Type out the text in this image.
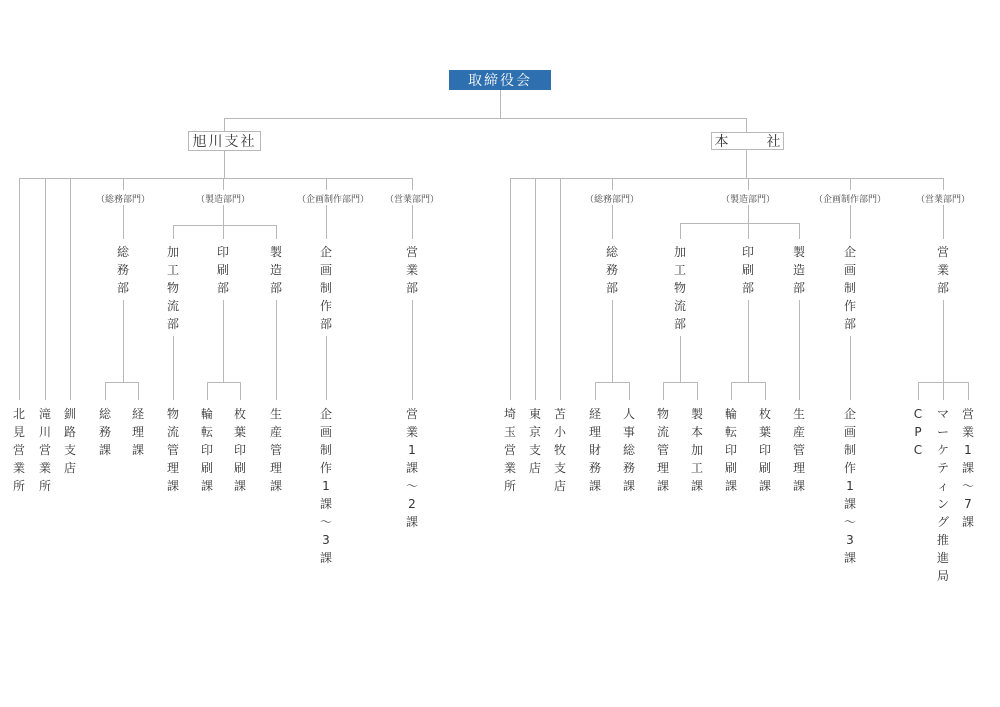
取締役会
旭川支社	本　社
（総務部門）	（製造部門）	（企画制作部門） （営業部門）
総
務
部
加
工
物
流
部
印
刷
部
製
造
部
企
画
制
作
部
営
業
部
北
見
営
業
所
滝
川
営
業
所
釧
路
支
店
総
務
課
経
理
課
物
流
管
理
課
輪
転
印
刷
課
枚
葉
印
刷
課
生
産
管
理
課
企
画
制
作
1
課
～
3
課
営
業
1
課
～
2
課
（総務部門）	（製造部門）	（企画制作部門）	（営業部門）
総
務
部
加
工
物
流
部
印
刷
部
製
造
部
企
画
制
作
部
営
業
部
埼
玉
営
業
所
東
京
支
店
苫
小
牧
支
店
経
理
財
務
課
人
事
総
務
課
物
流
管
理
課
製
本
加
工
課
輪
転
印
刷
課
枚
葉
印
刷
課
生
産
管
理
課
企
画
制
作
1
課
～
3
課
C
P
C
マ
ー
ケ
テ
ィ
ン
グ
推
進
局
営
業
1
課
～
7
課
